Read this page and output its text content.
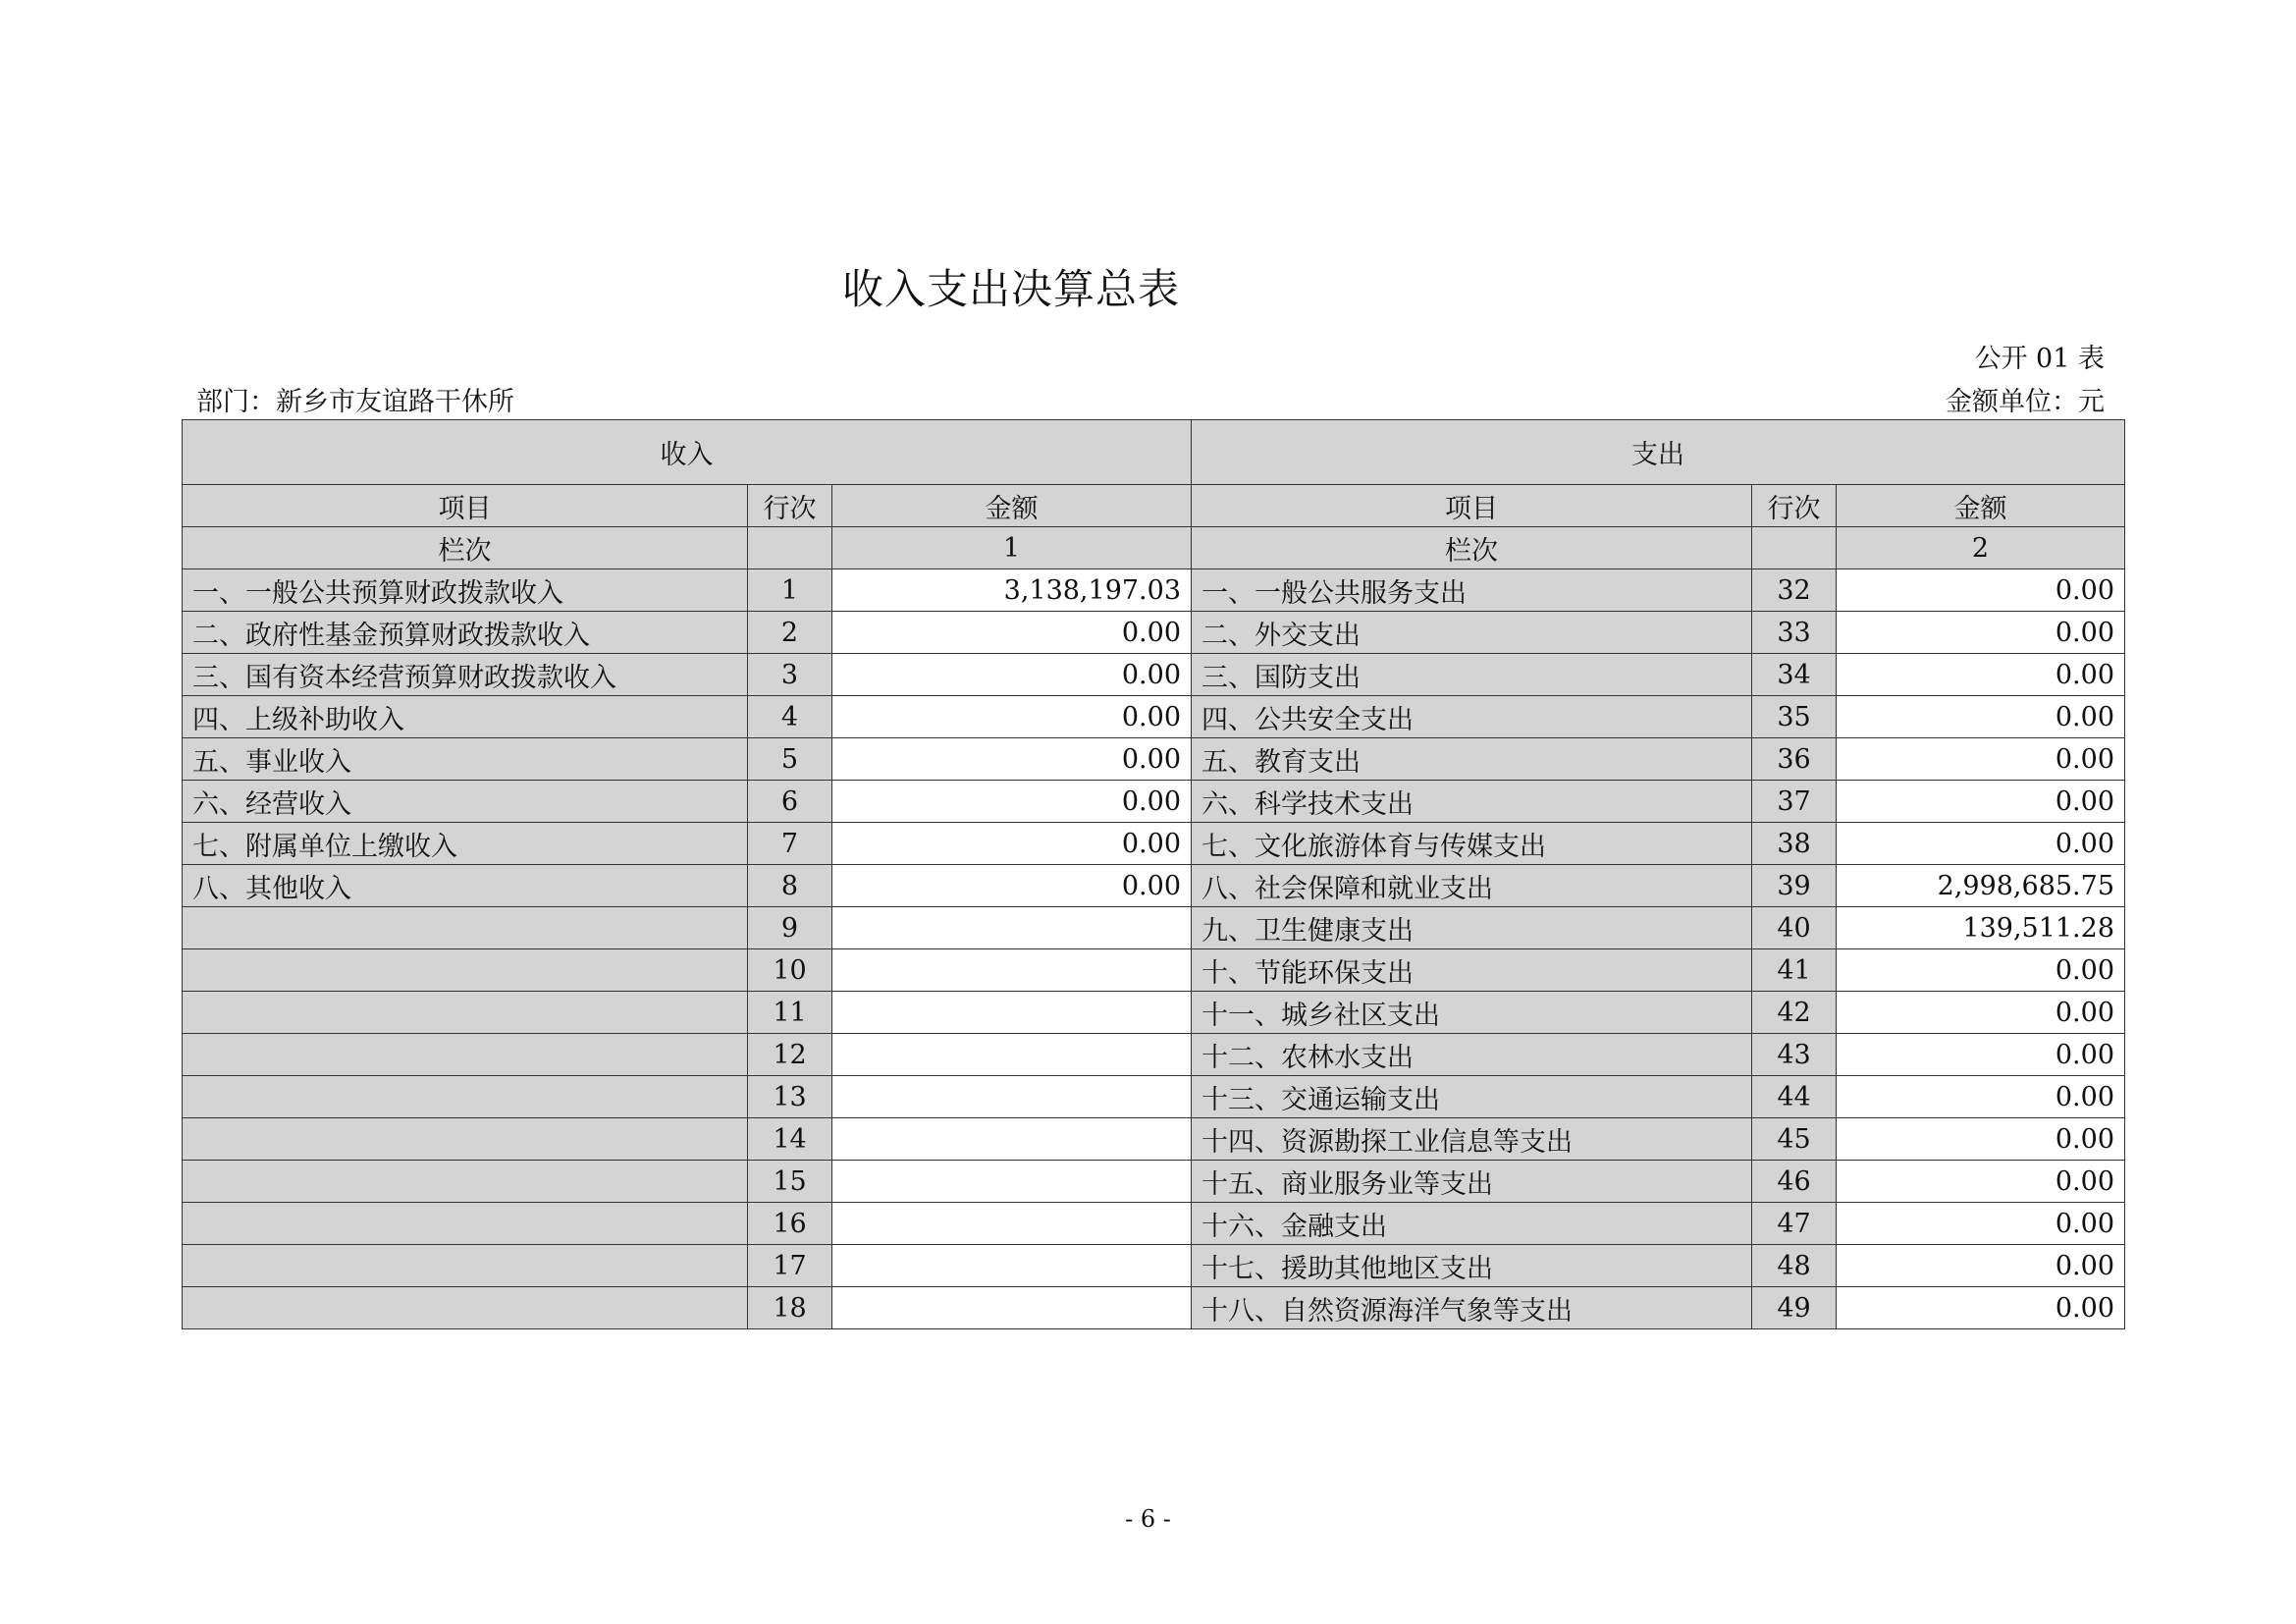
收入支出决算总表
公开 01 表
部门：新乡市友谊路干休所	金额单位：元
收入			支出		
项目	行次	金额	项目	行次	金额
栏次		1	栏次		2
一、一般公共预算财政拨款收入	1	3,138,197.03	一、一般公共服务支出	32	0.00
二、政府性基金预算财政拨款收入	2	0.00	二、外交支出	33	0.00
三、国有资本经营预算财政拨款收入	3	0.00	三、国防支出	34	0.00
四、上级补助收入	4	0.00	四、公共安全支出	35	0.00
五、事业收入	5	0.00	五、教育支出	36	0.00
六、经营收入	6	0.00	六、科学技术支出	37	0.00
七、附属单位上缴收入	7	0.00	七、文化旅游体育与传媒支出	38	0.00
八、其他收入	8	0.00	八、社会保障和就业支出	39	2,998,685.75
	9		九、卫生健康支出	40	139,511.28
	10		十、节能环保支出	41	0.00
	11		十一、城乡社区支出	42	0.00
	12		十二、农林水支出	43	0.00
	13		十三、交通运输支出	44	0.00
	14		十四、资源勘探工业信息等支出	45	0.00
	15		十五、商业服务业等支出	46	0.00
	16		十六、金融支出	47	0.00
	17		十七、援助其他地区支出	48	0.00
	18		十八、自然资源海洋气象等支出	49	0.00
- 6 -
